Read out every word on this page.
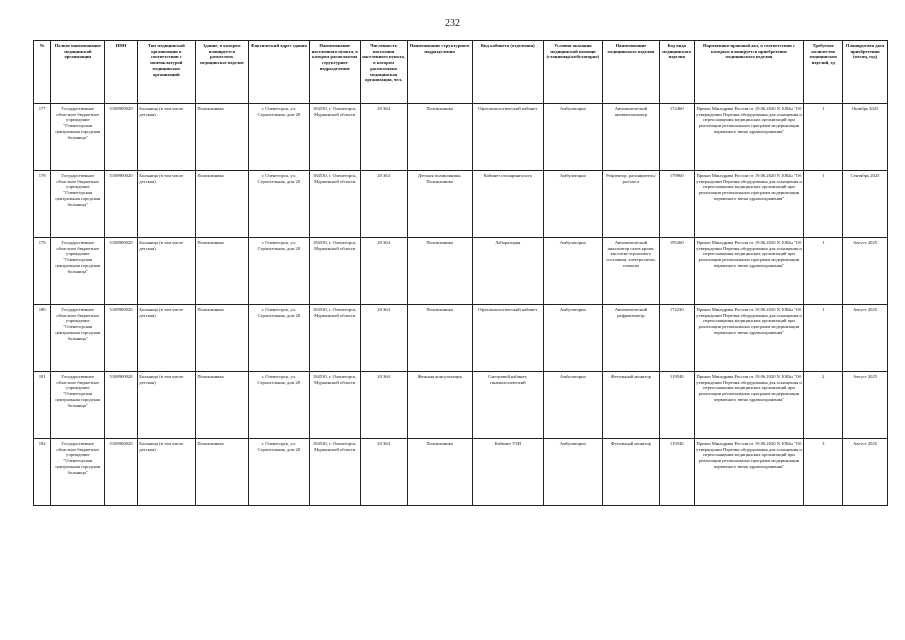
232
№	Полное наименование медицинской организации	ИНН	Тип медицинской организации в соответствии с номенклатурой медицинских организаций	Здание, в котором планируется разместить медицинское изделие	Фактический адрес здания	Наименование населенного пункта, в котором расположена структурное подразделение	Численность населения населенного пункта, в котором расположена медицинская организация, чел.	Наименование структурного подразделения	Вид кабинета (отделения)	Условия оказания медицинской помощи (стационар/амбулаторно)	Наименование медицинского изделия	Код вида медицинского изделия	Нормативно-правовой акт, в соответствии с которым планируется приобретение медицинского изделия	Требуемое количество медицинских изделий, ед	Планируемая дата приобретения (месяц, год)
177	Государственное областное бюджетное учреждение "Оленегорская центральная городская больница"	5108900020	Больница (в том числе детская)	Поликлиника	г. Оленегорск, ул. Строительная, дом 20	184530, г. Оленегорск, Мурманской области	20 364	Поликлиника	Офтальмологический кабинет	Амбулаторно	Автоматический пневмотонометр	172460	Приказ Минздрава России от 19.06.2020 N 1082н "Об утверждении Перечня оборудования для оснащения и переоснащения медицинских организаций при реализации региональных программ модернизации первичного звена здравоохранения"	1	Октябрь 2025
178	Государственное областное бюджетное учреждение "Оленегорская центральная городская больница"	5108900020	Больница (в том числе детская)	Поликлиника	г. Оленегорск, ул. Строительная, дом 20	184530, г. Оленегорск, Мурманской области	20 364	Детская поликлиника, Поликлиника	Кабинет отоларинголога	Амбулаторно	Рефлектор, расширитель/рот/носа	179960	Приказ Минздрава России от 19.06.2020 N 1082н "Об утверждении Перечня оборудования для оснащения и переоснащения медицинских организаций при реализации региональных программ модернизации первичного звена здравоохранения"	1	Сентябрь 2025
179	Государственное областное бюджетное учреждение "Оленегорская центральная городская больница"	5108900020	Больница (в том числе детская)	Поликлиника	г. Оленегорск, ул. Строительная, дом 20	184530, г. Оленегорск, Мурманской области	20 364	Поликлиника	Лаборатория	Амбулаторно	Автоматический анализатор газов крови, кислотно-щелочного состояния, электролитов, глюкозы	195260	Приказ Минздрава России от 19.06.2020 N 1082н "Об утверждении Перечня оборудования для оснащения и переоснащения медицинских организаций при реализации региональных программ модернизации первичного звена здравоохранения"	1	Август 2025
180	Государственное областное бюджетное учреждение "Оленегорская центральная городская больница"	5108900020	Больница (в том числе детская)	Поликлиника	г. Оленегорск, ул. Строительная, дом 20	184530, г. Оленегорск, Мурманской области	20 364	Поликлиника	Офтальмологический кабинет	Амбулаторно	Автоматический рефрактометр	172230	Приказ Минздрава России от 19.06.2020 N 1082н "Об утверждении Перечня оборудования для оснащения и переоснащения медицинских организаций при реализации региональных программ модернизации первичного звена здравоохранения"	1	Август 2025
181	Государственное областное бюджетное учреждение "Оленегорская центральная городская больница"	5108900020	Больница (в том числе детская)	Поликлиника	г. Оленегорск, ул. Строительная, дом 20	184530, г. Оленегорск, Мурманской области	20 364	Женская консультация	Смотровой кабинет, гинекологический	Амбулаторно	Фетальный монитор	119540	Приказ Минздрава России от 19.06.2020 N 1082н "Об утверждении Перечня оборудования для оснащения и переоснащения медицинских организаций при реализации региональных программ модернизации первичного звена здравоохранения"	2	Август 2025
182	Государственное областное бюджетное учреждение "Оленегорская центральная городская больница"	5108900020	Больница (в том числе детская)	Поликлиника	г. Оленегорск, ул. Строительная, дом 20	184530, г. Оленегорск, Мурманской области	20 364	Поликлиника	Кабинет УЗИ	Амбулаторно	Фетальный монитор	119540	Приказ Минздрава России от 19.06.2020 N 1082н "Об утверждении Перечня оборудования для оснащения и переоснащения медицинских организаций при реализации региональных программ модернизации первичного звена здравоохранения"	3	Август 2025
